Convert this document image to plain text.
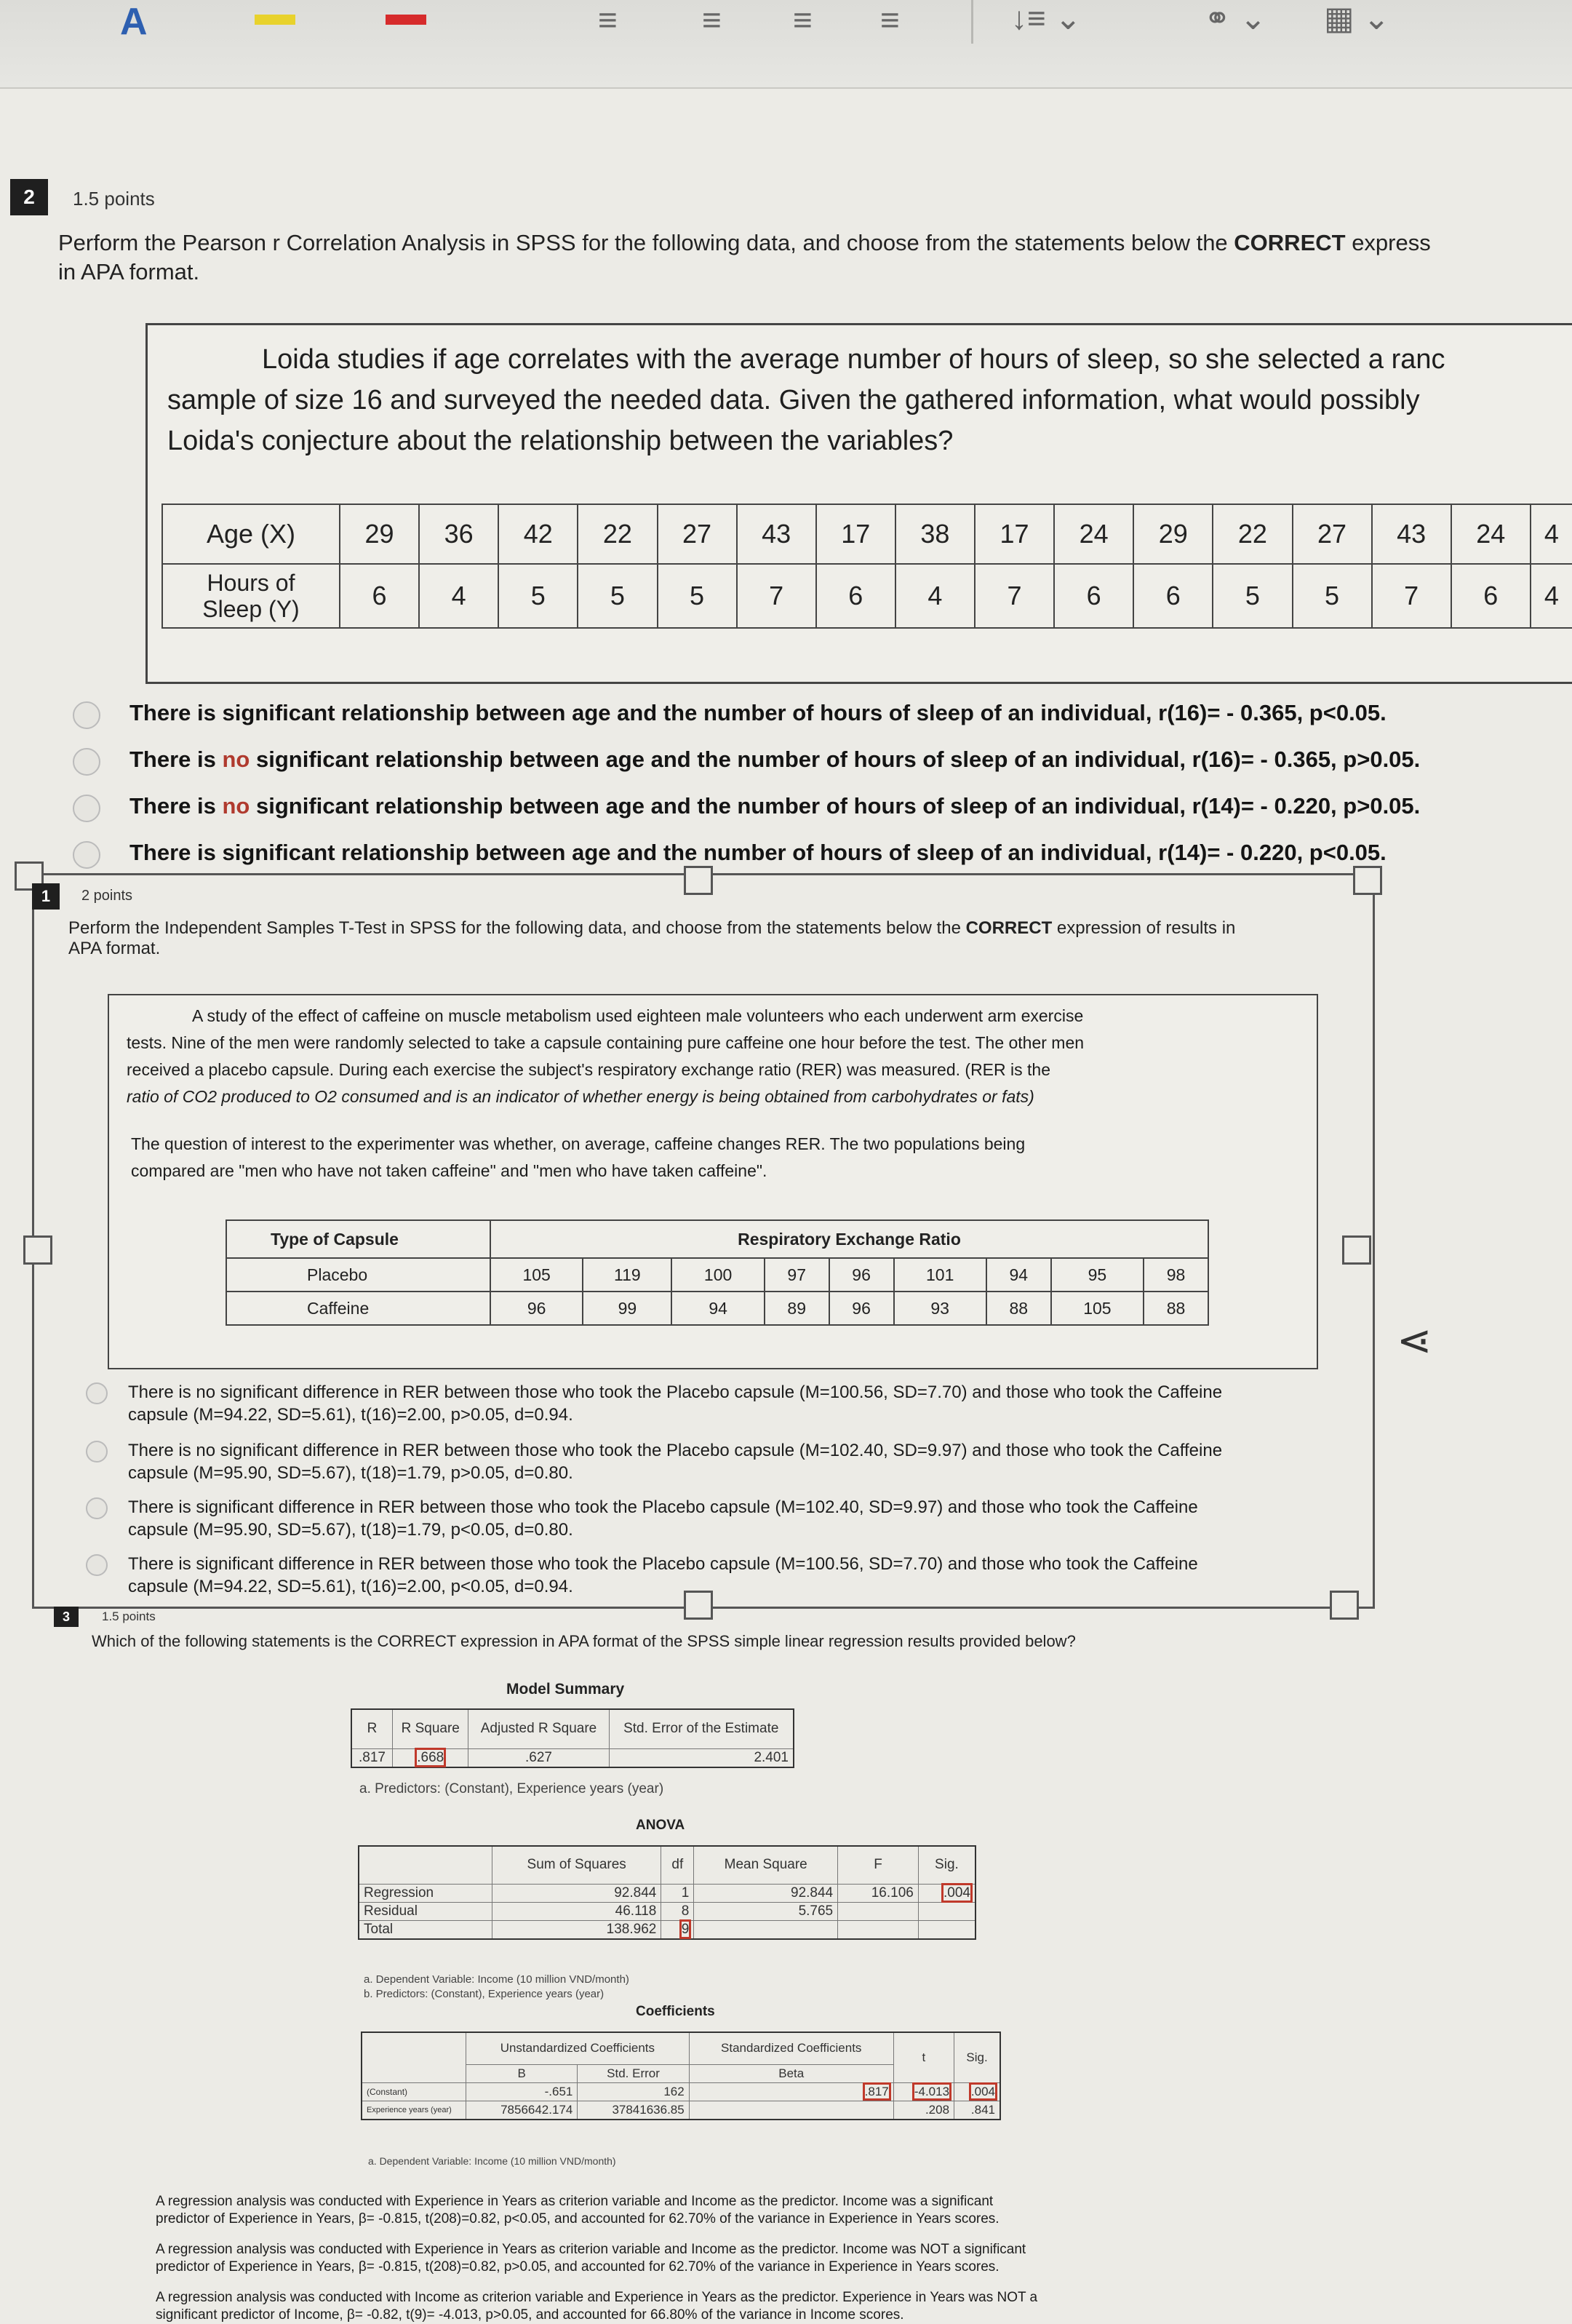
A	≡	≡ ≡ ≡	↓≡ ⌄	⚭ ⌄ ▦ ⌄
2	1.5 points
Perform the Pearson r Correlation Analysis in SPSS for the following data, and choose from the statements below the CORRECT express
in APA format.
Loida studies if age correlates with the average number of hours of sleep, so she selected a ranc
sample of size 16 and surveyed the needed data. Given the gathered information, what would possibly
Loida's conjecture about the relationship between the variables?
Age (X)	29	36	42	22	27	43	17	38	17	24	29	22	27	43	24	4

Hours of
Sleep (Y)	6	4	5	5	5	7	6	4	7	6	6	5	5	7	6	4
There is significant relationship between age and the number of hours of sleep of an individual, r(16)= - 0.365, p<0.05.
There is no significant relationship between age and the number of hours of sleep of an individual, r(16)= - 0.365, p>0.05.
There is no significant relationship between age and the number of hours of sleep of an individual, r(14)= - 0.220, p>0.05.
There is significant relationship between age and the number of hours of sleep of an individual, r(14)= - 0.220, p<0.05.
1	2 points
Perform the Independent Samples T-Test in SPSS for the following data, and choose from the statements below the CORRECT expression of results in
APA format.
A study of the effect of caffeine on muscle metabolism used eighteen male volunteers who each underwent arm exercise
tests. Nine of the men were randomly selected to take a capsule containing pure caffeine one hour before the test. The other men
received a placebo capsule. During each exercise the subject's respiratory exchange ratio (RER) was measured. (RER is the
ratio of CO2 produced to O2 consumed and is an indicator of whether energy is being obtained from carbohydrates or fats)
The question of interest to the experimenter was whether, on average, caffeine changes RER. The two populations being
compared are "men who have not taken caffeine" and "men who have taken caffeine".
Type of Capsule	Respiratory Exchange Ratio								
Placebo	105	119	100	97	96	101	94	95	98
Caffeine	96	99	94	89	96	93	88	105	88
There is no significant difference in RER between those who took the Placebo capsule (M=100.56, SD=7.70) and those who took the Caffeine
capsule (M=94.22, SD=5.61), t(16)=2.00, p>0.05, d=0.94.
There is no significant difference in RER between those who took the Placebo capsule (M=102.40, SD=9.97) and those who took the Caffeine
capsule (M=95.90, SD=5.67), t(18)=1.79, p>0.05, d=0.80.
There is significant difference in RER between those who took the Placebo capsule (M=102.40, SD=9.97) and those who took the Caffeine
capsule (M=95.90, SD=5.67), t(18)=1.79, p<0.05, d=0.80.
There is significant difference in RER between those who took the Placebo capsule (M=100.56, SD=7.70) and those who took the Caffeine
capsule (M=94.22, SD=5.61), t(16)=2.00, p<0.05, d=0.94.
⋖
3	1.5 points
Which of the following statements is the CORRECT expression in APA format of the SPSS simple linear regression results provided below?
Model Summary
R	R Square	Adjusted R Square	Std. Error of the Estimate
.817	.668	.627	2.401
a. Predictors: (Constant), Experience years (year)
ANOVA
	Sum of Squares	df	Mean Square	F	Sig.
Regression	92.844	1	92.844	16.106	.004
Residual	46.118	8	5.765		
Total	138.962	9			
a. Dependent Variable: Income (10 million VND/month)
b. Predictors: (Constant), Experience years (year)
Coefficients
	Unstandardized Coefficients		Standardized Coefficients	t	Sig.
	B	Std. Error	Beta		
(Constant)	-.651	162	.817	-4.013	.004
Experience years (year)	7856642.174	37841636.85		.208	.841
a. Dependent Variable: Income (10 million VND/month)
A regression analysis was conducted with Experience in Years as criterion variable and Income as the predictor. Income was a significant
predictor of Experience in Years, β= -0.815, t(208)=0.82, p<0.05, and accounted for 62.70% of the variance in Experience in Years scores.
A regression analysis was conducted with Experience in Years as criterion variable and Income as the predictor. Income was NOT a significant
predictor of Experience in Years, β= -0.815, t(208)=0.82, p>0.05, and accounted for 62.70% of the variance in Experience in Years scores.
A regression analysis was conducted with Income as criterion variable and Experience in Years as the predictor. Experience in Years was NOT a
significant predictor of Income, β= -0.82, t(9)= -4.013, p>0.05, and accounted for 66.80% of the variance in Income scores.
